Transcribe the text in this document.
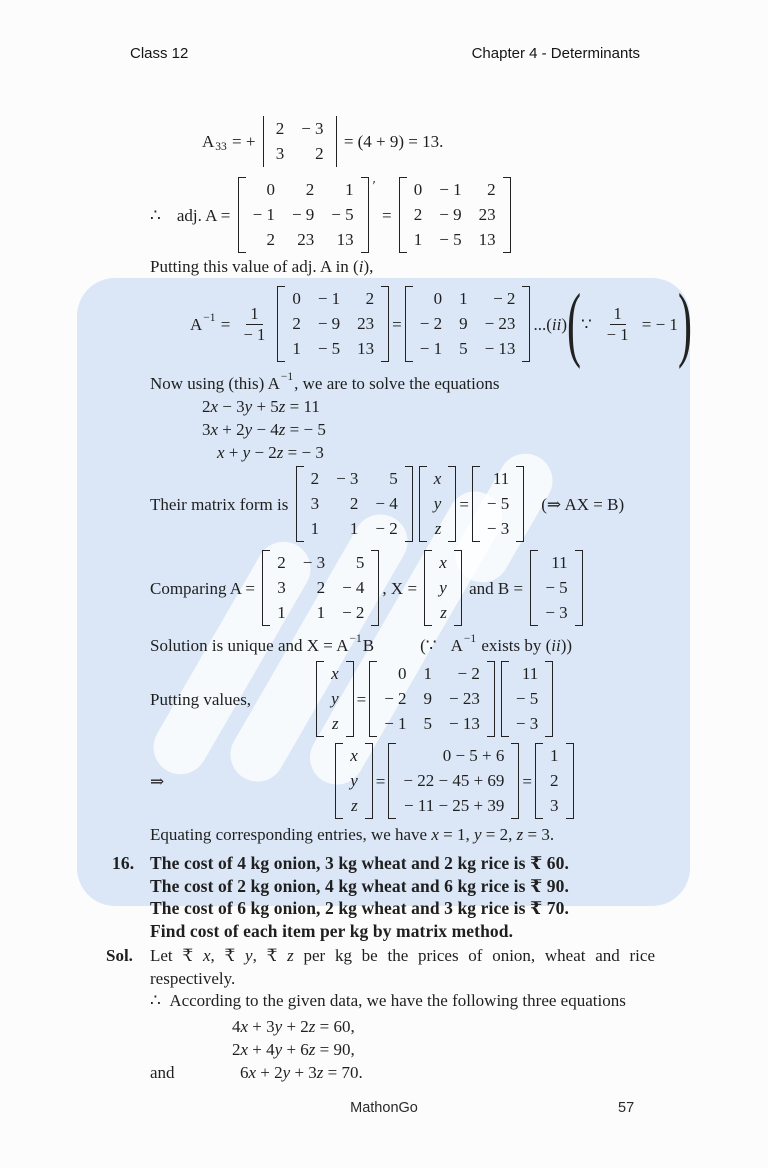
Class 12	Chapter 4 - Determinants
A 33 = +
2 − 3
3 2
= (4 + 9) = 13.
∴ adj. A =
0 2 1
− 1 − 9 − 5
2 23 13
′
=
0 − 1 2
2 − 9 23
1 − 5 13
Putting this value of adj. A in (i),
$A -1 = \frac{1}{- 1}$
0 − 1 2
2 − 9 23
1 − 5 13
=
0 1 − 2
− 2 9 − 23
− 1 5 − 13
...(ii) ( ∵ $\frac{1}{- 1}$ = − 1
)
Now using (this) A −1 , we are to solve the equations
2x − 3y + 5z = 11
3x + 2y − 4z = − 5
x + y − 2z = − 3
Their matrix form is
2 − 3 5
3 2 − 4
1 1 − 2
x
y
z
=
11
− 5
− 3
(⇒ AX = B)
Comparing A =
2 − 3 5
3 2 − 4
1 1 − 2
, X =
x
y
z
and B =
11
− 5
− 3
Solution is unique and X = A −1 B	(∵ A −1 exists by (ii))
Putting values,
x
y
z
=
0 1 − 2
− 2 9 − 23
− 1 5 − 13
11
− 5
− 3
⇒
x
y
z
=
0 − 5 + 6
− 22 − 45 + 69
− 11 − 25 + 39
=
1
2
3
Equating corresponding entries, we have x = 1, y = 2, z = 3.
16. The cost of 4 kg onion, 3 kg wheat and 2 kg rice is ₹ 60.
The cost of 2 kg onion, 4 kg wheat and 6 kg rice is ₹ 90.
The cost of 6 kg onion, 2 kg wheat and 3 kg rice is ₹ 70.
Find cost of each item per kg by matrix method.
Sol. Let ₹ x, ₹ y, ₹ z per kg be the prices of onion, wheat and rice respectively.
∴  According to the given data, we have the following three equations
4x + 3y + 2z = 60,
2x + 4y + 6z = 90,
and	6x + 2y + 3z = 70.
MathonGo	57
